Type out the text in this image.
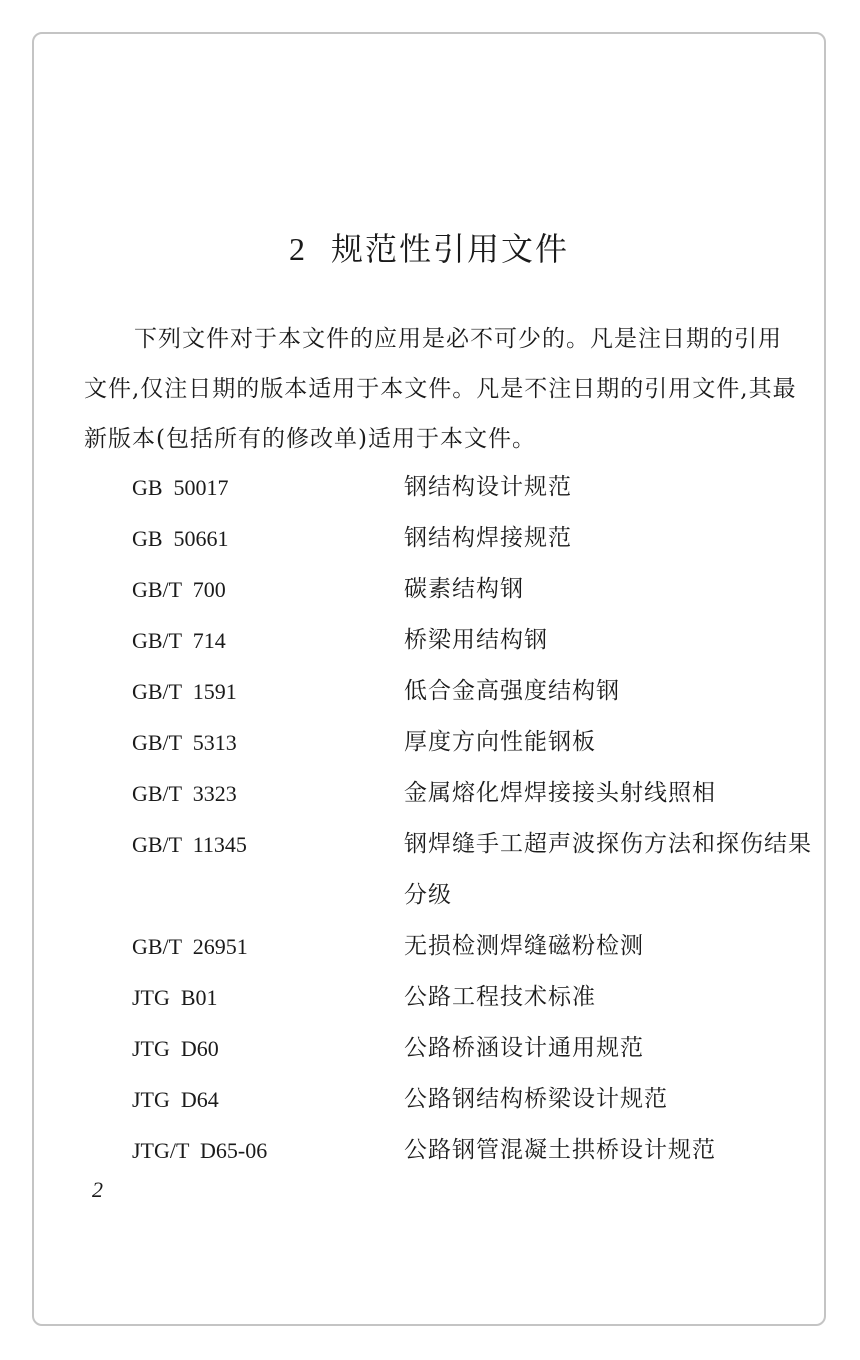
2 规范性引用文件

下列文件对于本文件的应用是必不可少的。凡是注日期的引用文件,仅注日期的版本适用于本文件。凡是不注日期的引用文件,其最新版本(包括所有的修改单)适用于本文件。

GB  50017	钢结构设计规范
GB  50661	钢结构焊接规范
GB/T  700	碳素结构钢
GB/T  714	桥梁用结构钢
GB/T  1591	低合金高强度结构钢
GB/T  5313	厚度方向性能钢板
GB/T  3323	金属熔化焊焊接接头射线照相
GB/T  11345	钢焊缝手工超声波探伤方法和探伤结果分级
GB/T  26951	无损检测焊缝磁粉检测
JTG  B01	公路工程技术标准
JTG  D60	公路桥涵设计通用规范
JTG  D64	公路钢结构桥梁设计规范
JTG/T  D65-06	公路钢管混凝土拱桥设计规范
2
